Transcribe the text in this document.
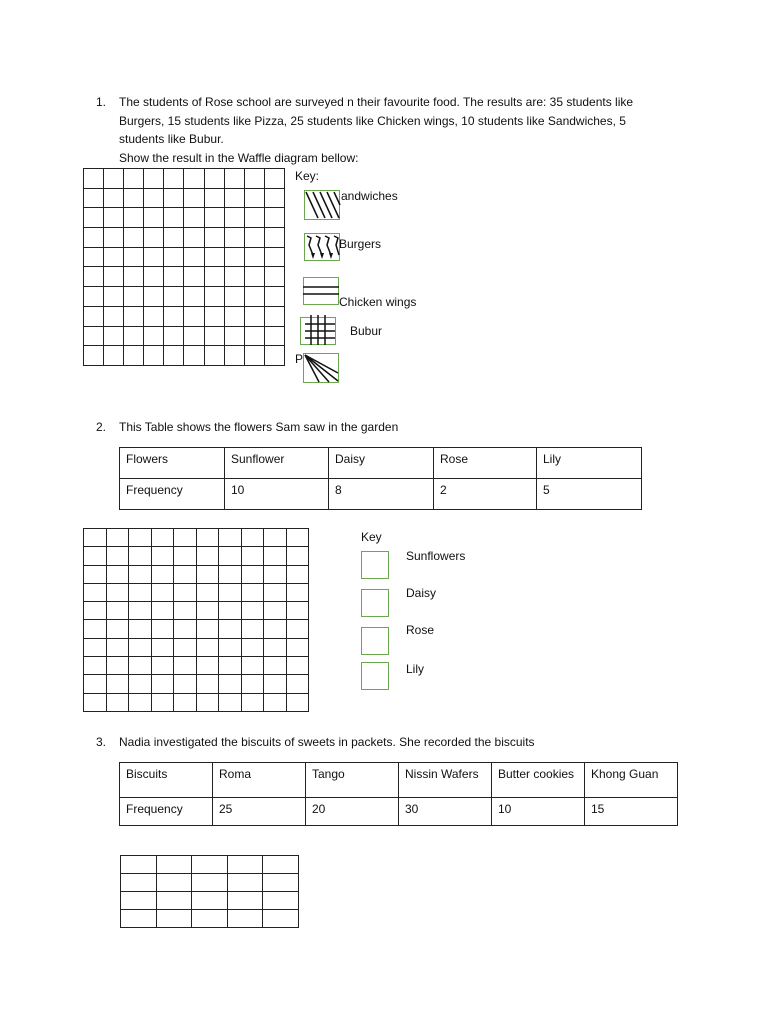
1. The students of Rose school are surveyed n their favourite food. The results are: 35 students like

Burgers, 15 students like Pizza, 25 students like Chicken wings, 10 students like Sandwiches, 5

students like Bubur.

Show the result in the Waffle diagram bellow:

Key:
andwiches
Burgers
Chicken wings
Bubur
P
2. This Table shows the flowers Sam saw in the garden
Flowers	Sunflower	Daisy	Rose	Lily
Frequency	10	8	2	5

Key
Sunflowers
Daisy
Rose
Lily
3. Nadia investigated the biscuits of sweets in packets. She recorded the biscuits
Biscuits	Roma	Tango	Nissin Wafers	Butter cookies	Khong Guan
Frequency	25	20	30	10	15
